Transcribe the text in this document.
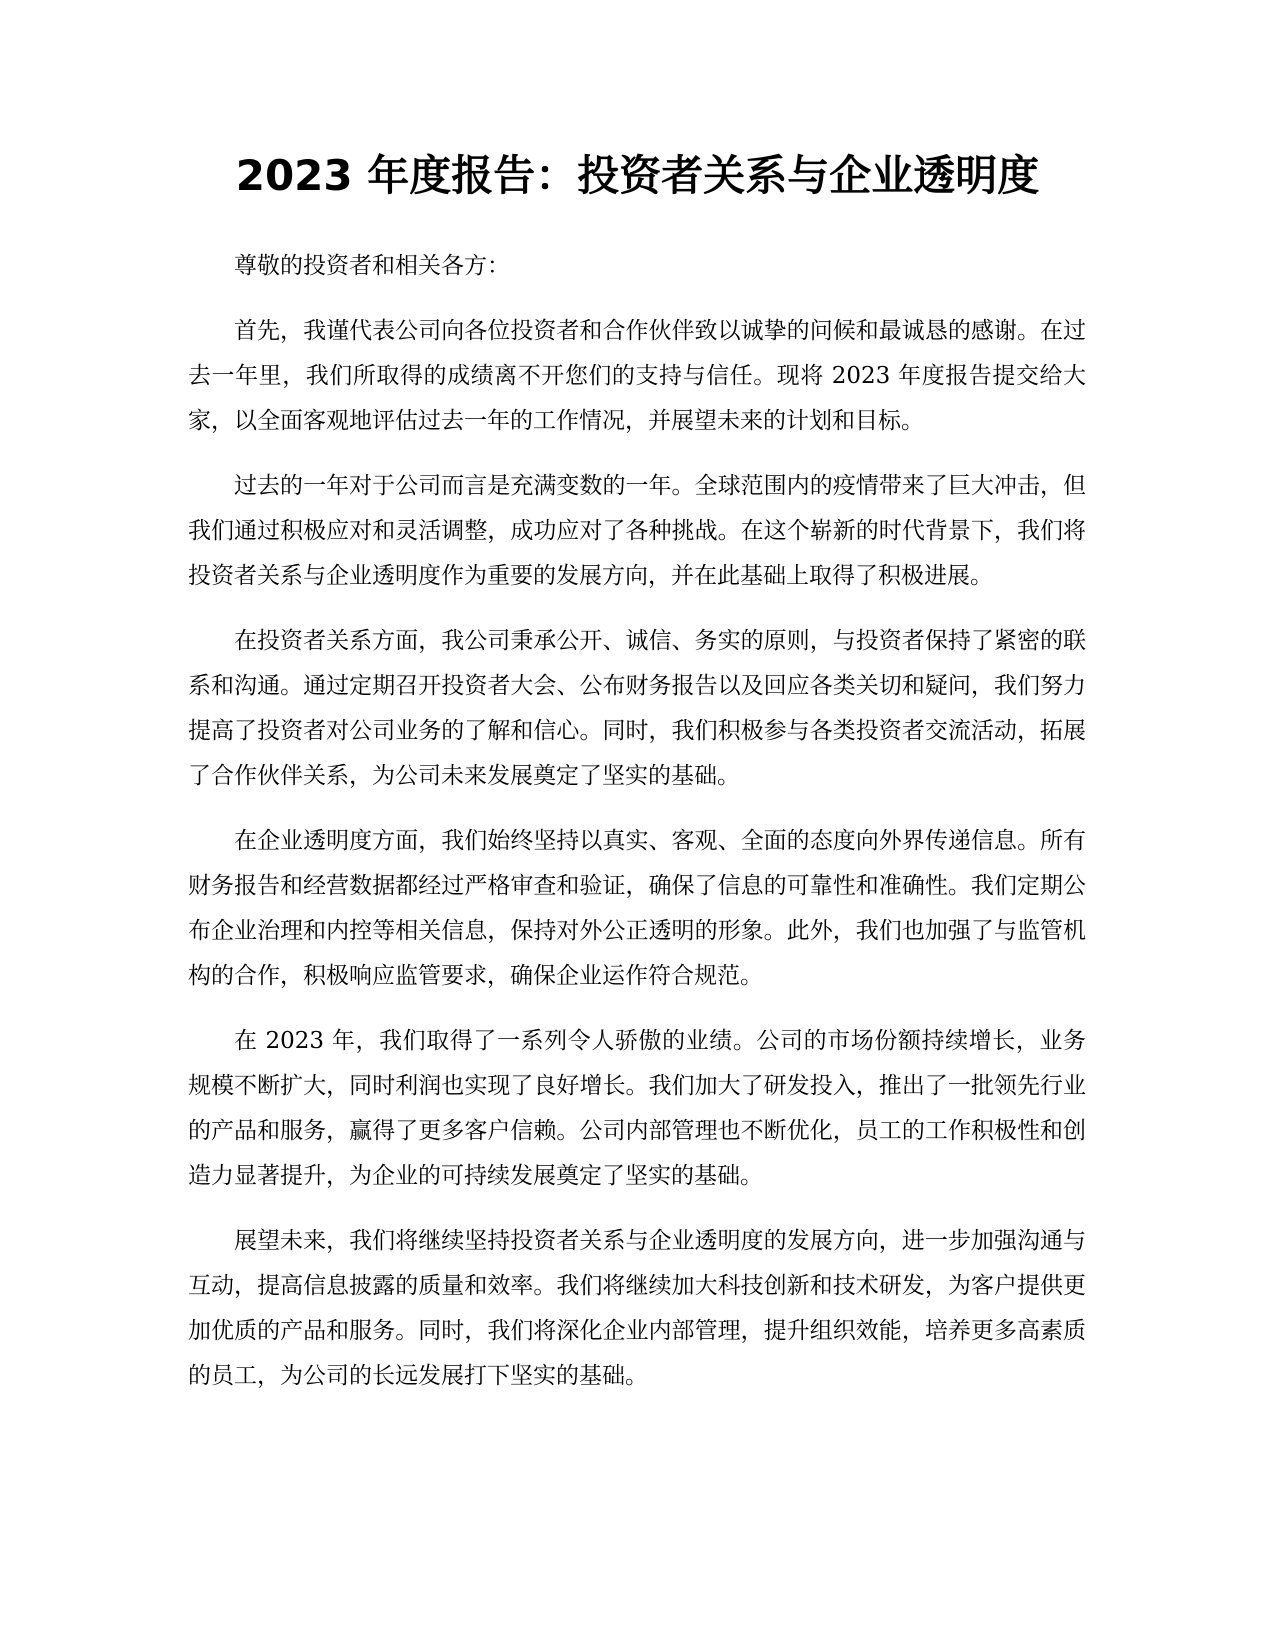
2023 年度报告：投资者关系与企业透明度

尊敬的投资者和相关各方：

首先，我谨代表公司向各位投资者和合作伙伴致以诚挚的问候和最诚恳的感谢。在过去一年里，我们所取得的成绩离不开您们的支持与信任。现将 2023 年度报告提交给大家，以全面客观地评估过去一年的工作情况，并展望未来的计划和目标。

过去的一年对于公司而言是充满变数的一年。全球范围内的疫情带来了巨大冲击，但我们通过积极应对和灵活调整，成功应对了各种挑战。在这个崭新的时代背景下，我们将投资者关系与企业透明度作为重要的发展方向，并在此基础上取得了积极进展。

在投资者关系方面，我公司秉承公开、诚信、务实的原则，与投资者保持了紧密的联系和沟通。通过定期召开投资者大会、公布财务报告以及回应各类关切和疑问，我们努力提高了投资者对公司业务的了解和信心。同时，我们积极参与各类投资者交流活动，拓展了合作伙伴关系，为公司未来发展奠定了坚实的基础。

在企业透明度方面，我们始终坚持以真实、客观、全面的态度向外界传递信息。所有财务报告和经营数据都经过严格审查和验证，确保了信息的可靠性和准确性。我们定期公布企业治理和内控等相关信息，保持对外公正透明的形象。此外，我们也加强了与监管机构的合作，积极响应监管要求，确保企业运作符合规范。

在 2023 年，我们取得了一系列令人骄傲的业绩。公司的市场份额持续增长，业务规模不断扩大，同时利润也实现了良好增长。我们加大了研发投入，推出了一批领先行业的产品和服务，赢得了更多客户信赖。公司内部管理也不断优化，员工的工作积极性和创造力显著提升，为企业的可持续发展奠定了坚实的基础。

展望未来，我们将继续坚持投资者关系与企业透明度的发展方向，进一步加强沟通与互动，提高信息披露的质量和效率。我们将继续加大科技创新和技术研发，为客户提供更加优质的产品和服务。同时，我们将深化企业内部管理，提升组织效能，培养更多高素质的员工，为公司的长远发展打下坚实的基础。
